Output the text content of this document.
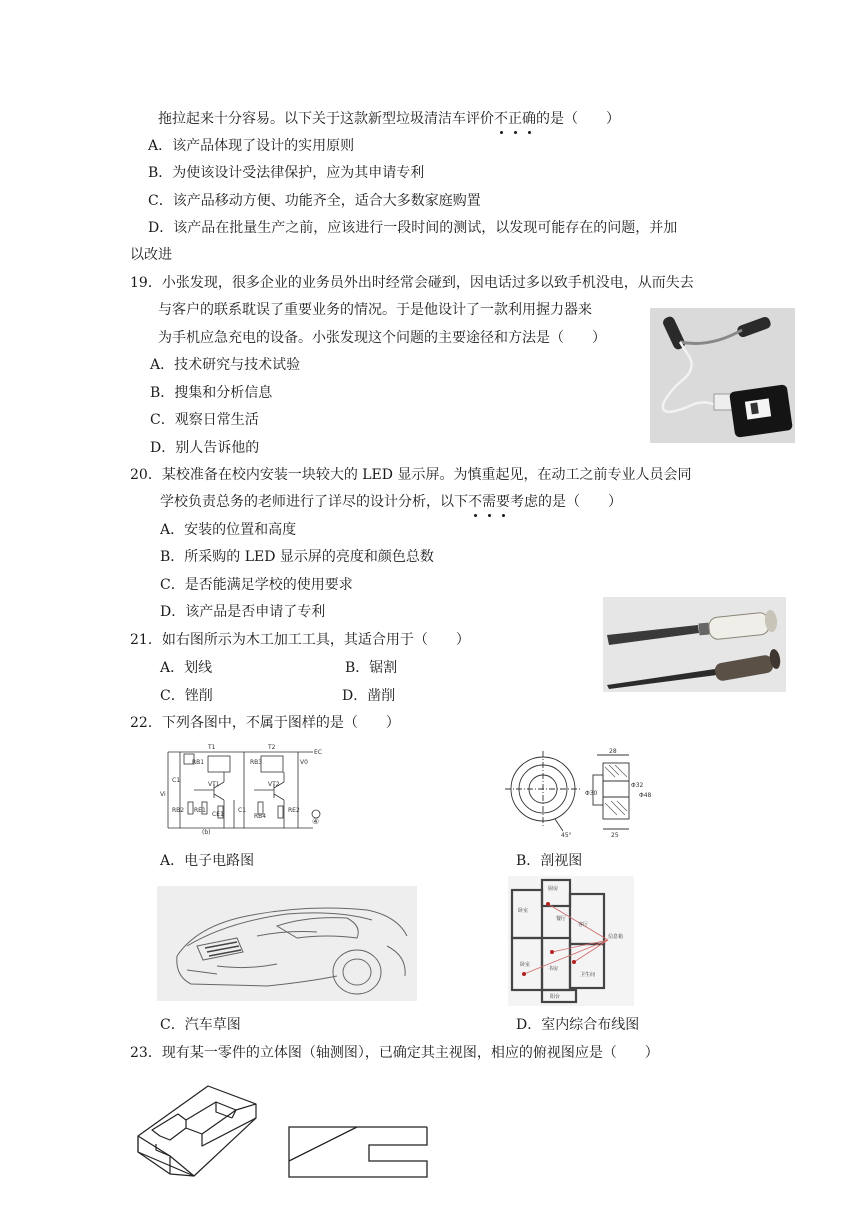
拖拉起来十分容易。以下关于这款新型垃圾清洁车评价不正确的是（　　）
A．该产品体现了设计的实用原则
B．为使该设计受法律保护，应为其申请专利
C．该产品移动方便、功能齐全，适合大多数家庭购置
D．该产品在批量生产之前，应该进行一段时间的测试，以发现可能存在的问题，并加
以改进
19．小张发现，很多企业的业务员外出时经常会碰到，因电话过多以致手机没电，从而失去
与客户的联系耽误了重要业务的情况。于是他设计了一款利用握力器来
为手机应急充电的设备。小张发现这个问题的主要途径和方法是（　　）
A．技术研究与技术试验
B．搜集和分析信息
C．观察日常生活
D．别人告诉他的
20．某校准备在校内安装一块较大的 LED 显示屏。为慎重起见，在动工之前专业人员会同
学校负责总务的老师进行了详尽的设计分析，以下不需要考虑的是（　　）
A．安装的位置和高度
B．所采购的 LED 显示屏的亮度和颜色总数
C．是否能满足学校的使用要求
D．该产品是否申请了专利
21．如右图所示为木工加工工具，其适合用于（　　）
A．划线	B．锯割
C．锉削	D．凿削
22．下列各图中，不属于图样的是（　　）
T1	T2
EC
C1
RB1
VT1	VT2
RB3	V0
Vi
RB2 RE1
CE1
C1
RB4
RE2
(b)
④
28
Φ30
Φ32
Φ48
25
45°
A．电子电路图	B．剖视图
厨房
餐厅
卧室
卧室
客厅
书房
阳台
信息箱
卫生间
C．汽车草图	D．室内综合布线图
23．现有某一零件的立体图（轴测图），已确定其主视图，相应的俯视图应是（　　）
